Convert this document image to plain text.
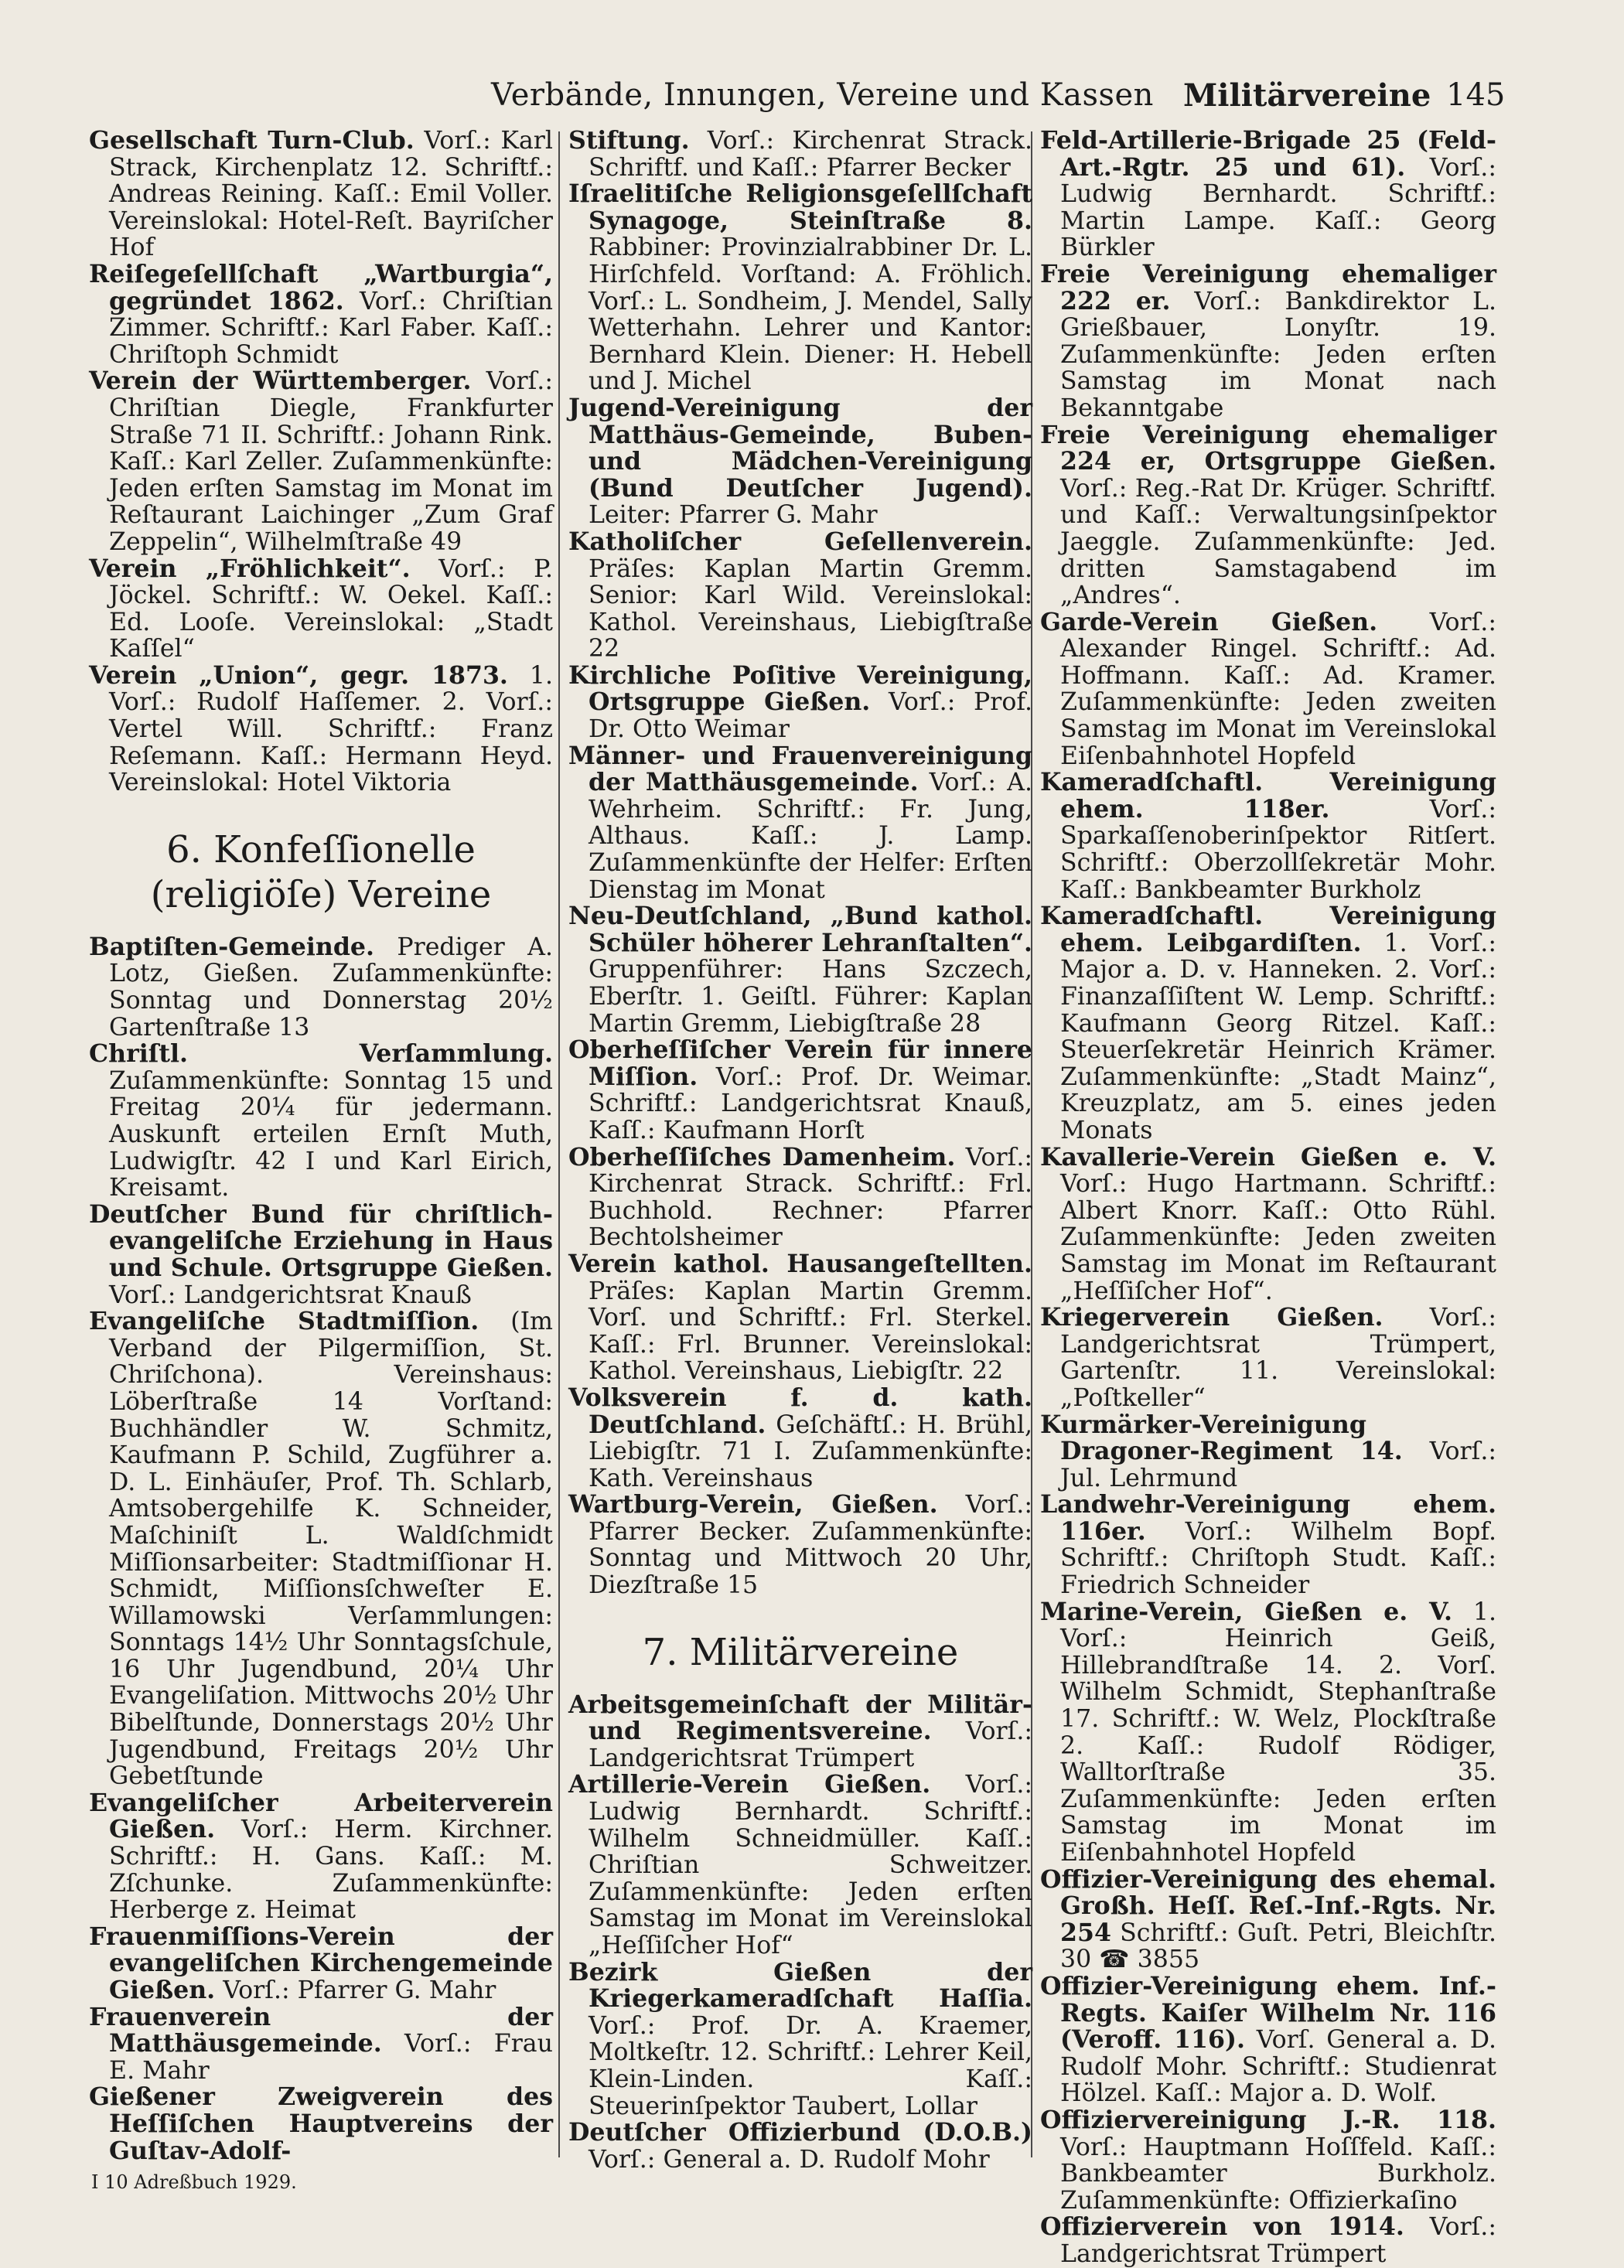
Verbände, Innungen, Vereine und Kassen Militärvereine 145

Gesellschaft Turn-Club. Vorſ.: Karl Strack, Kirchenplatz 12. Schriftf.: Andreas Reining. Kaſſ.: Emil Voller. Vereinslokal: Hotel-Reſt. Bayriſcher Hof

Reiſegeſellſchaft „Wartburgia“, gegründet 1862. Vorſ.: Chriſtian Zimmer. Schriftf.: Karl Faber. Kaſſ.: Chriſtoph Schmidt

Verein der Württemberger. Vorſ.: Chriſtian Diegle, Frankfurter Straße 71 II. Schriftf.: Johann Rink. Kaſſ.: Karl Zeller. Zuſammenkünfte: Jeden erſten Samstag im Monat im Reſtaurant Laichinger „Zum Graf Zeppelin“, Wilhelmſtraße 49

Verein „Fröhlichkeit“. Vorſ.: P. Jöckel. Schriftf.: W. Oekel. Kaſſ.: Ed. Looſe. Vereinslokal: „Stadt Kaſſel“

Verein „Union“, gegr. 1873. 1. Vorſ.: Rudolf Haſſemer. 2. Vorſ.: Vertel Will. Schriftf.: Franz Reſemann. Kaſſ.: Hermann Heyd. Vereinslokal: Hotel Viktoria

6. Konfeſſionelle (religiöſe) Vereine

Baptiſten-Gemeinde. Prediger A. Lotz, Gießen. Zuſammenkünfte: Sonntag und Donnerstag 20½ Gartenſtraße 13

Chriſtl. Verſammlung. Zuſammenkünfte: Sonntag 15 und Freitag 20¼ für jedermann. Auskunft erteilen Ernſt Muth, Ludwigſtr. 42 I und Karl Eirich, Kreisamt.

Deutſcher Bund für chriſtlich-evangeliſche Erziehung in Haus und Schule. Ortsgruppe Gießen. Vorſ.: Landgerichtsrat Knauß

Evangeliſche Stadtmiſſion. (Im Verband der Pilgermiſſion, St. Chriſchona). Vereinshaus: Löberſtraße 14 Vorſtand: Buchhändler W. Schmitz, Kaufmann P. Schild, Zugführer a. D. L. Einhäuſer, Prof. Th. Schlarb, Amtsobergehilfe K. Schneider, Maſchiniſt L. Waldſchmidt Miſſionsarbeiter: Stadtmiſſionar H. Schmidt, Miſſionsſchweſter E. Willamowski Verſammlungen: Sonntags 14½ Uhr Sonntagsſchule, 16 Uhr Jugendbund, 20¼ Uhr Evangeliſation. Mittwochs 20½ Uhr Bibelſtunde, Donnerstags 20½ Uhr Jugendbund, Freitags 20½ Uhr Gebetſtunde

Evangeliſcher Arbeiterverein Gießen. Vorſ.: Herm. Kirchner. Schriftf.: H. Gans. Kaſſ.: M. Zſchunke. Zuſammenkünfte: Herberge z. Heimat

Frauenmiſſions-Verein der evangeliſchen Kirchengemeinde Gießen. Vorſ.: Pfarrer G. Mahr

Frauenverein der Matthäusgemeinde. Vorſ.: Frau E. Mahr

Gießener Zweigverein des Heſſiſchen Hauptvereins der Guſtav-Adolf-

Stiftung. Vorſ.: Kirchenrat Strack. Schriftf. und Kaſſ.: Pfarrer Becker

Iſraelitiſche Religionsgeſellſchaft Synagoge, Steinſtraße 8. Rabbiner: Provinzialrabbiner Dr. L. Hirſchfeld. Vorſtand: A. Fröhlich. Vorſ.: L. Sondheim, J. Mendel, Sally Wetterhahn. Lehrer und Kantor: Bernhard Klein. Diener: H. Hebell und J. Michel

Jugend-Vereinigung der Matthäus-Gemeinde, Buben- und Mädchen-Vereinigung (Bund Deutſcher Jugend). Leiter: Pfarrer G. Mahr

Katholiſcher Geſellenverein. Präſes: Kaplan Martin Gremm. Senior: Karl Wild. Vereinslokal: Kathol. Vereinshaus, Liebigſtraße 22

Kirchliche Poſitive Vereinigung, Ortsgruppe Gießen. Vorſ.: Prof. Dr. Otto Weimar

Männer- und Frauenvereinigung der Matthäusgemeinde. Vorſ.: A. Wehrheim. Schriftf.: Fr. Jung, Althaus. Kaſſ.: J. Lamp. Zuſammenkünfte der Helfer: Erſten Dienstag im Monat

Neu-Deutſchland, „Bund kathol. Schüler höherer Lehranſtalten“. Gruppenführer: Hans Szczech, Eberſtr. 1. Geiſtl. Führer: Kaplan Martin Gremm, Liebigſtraße 28

Oberheſſiſcher Verein für innere Miſſion. Vorſ.: Prof. Dr. Weimar. Schriftf.: Landgerichtsrat Knauß, Kaſſ.: Kaufmann Horſt

Oberheſſiſches Damenheim. Vorſ.: Kirchenrat Strack. Schriftf.: Frl. Buchhold. Rechner: Pfarrer Bechtolsheimer

Verein kathol. Hausangeſtellten. Präſes: Kaplan Martin Gremm. Vorſ. und Schriftf.: Frl. Sterkel. Kaſſ.: Frl. Brunner. Vereinslokal: Kathol. Vereinshaus, Liebigſtr. 22

Volksverein f. d. kath. Deutſchland. Geſchäftſ.: H. Brühl, Liebigſtr. 71 I. Zuſammenkünfte: Kath. Vereinshaus

Wartburg-Verein, Gießen. Vorſ.: Pfarrer Becker. Zuſammenkünfte: Sonntag und Mittwoch 20 Uhr, Diezſtraße 15

7. Militärvereine

Arbeitsgemeinſchaft der Militär- und Regimentsvereine. Vorſ.: Landgerichtsrat Trümpert

Artillerie-Verein Gießen. Vorſ.: Ludwig Bernhardt. Schriftf.: Wilhelm Schneidmüller. Kaſſ.: Chriſtian Schweitzer. Zuſammenkünfte: Jeden erſten Samstag im Monat im Vereinslokal „Heſſiſcher Hof“

Bezirk Gießen der Kriegerkameradſchaft Haſſia. Vorſ.: Prof. Dr. A. Kraemer, Moltkeſtr. 12. Schriftf.: Lehrer Keil, Klein-Linden. Kaſſ.: Steuerinſpektor Taubert, Lollar

Deutſcher Offizierbund (D.O.B.) Vorſ.: General a. D. Rudolf Mohr

Feld-Artillerie-Brigade 25 (Feld-Art.-Rgtr. 25 und 61). Vorſ.: Ludwig Bernhardt. Schriftf.: Martin Lampe. Kaſſ.: Georg Bürkler

Freie Vereinigung ehemaliger 222 er. Vorſ.: Bankdirektor L. Grießbauer, Lonyſtr. 19. Zuſammenkünfte: Jeden erſten Samstag im Monat nach Bekanntgabe

Freie Vereinigung ehemaliger 224 er, Ortsgruppe Gießen. Vorſ.: Reg.-Rat Dr. Krüger. Schriftf. und Kaſſ.: Verwaltungsinſpektor Jaeggle. Zuſammenkünfte: Jed. dritten Samstagabend im „Andres“.

Garde-Verein Gießen. Vorſ.: Alexander Ringel. Schriftf.: Ad. Hoffmann. Kaſſ.: Ad. Kramer. Zuſammenkünfte: Jeden zweiten Samstag im Monat im Vereinslokal Eiſenbahnhotel Hopfeld

Kameradſchaftl. Vereinigung ehem. 118er. Vorſ.: Sparkaſſenoberinſpektor Ritſert. Schriftf.: Oberzollſekretär Mohr. Kaſſ.: Bankbeamter Burkholz

Kameradſchaftl. Vereinigung ehem. Leibgardiſten. 1. Vorſ.: Major a. D. v. Hanneken. 2. Vorſ.: Finanzaſſiſtent W. Lemp. Schriftf.: Kaufmann Georg Ritzel. Kaſſ.: Steuerſekretär Heinrich Krämer. Zuſammenkünfte: „Stadt Mainz“, Kreuzplatz, am 5. eines jeden Monats

Kavallerie-Verein Gießen e. V. Vorſ.: Hugo Hartmann. Schriftf.: Albert Knorr. Kaſſ.: Otto Rühl. Zuſammenkünfte: Jeden zweiten Samstag im Monat im Reſtaurant „Heſſiſcher Hof“.

Kriegerverein Gießen. Vorſ.: Landgerichtsrat Trümpert, Gartenſtr. 11. Vereinslokal: „Poſtkeller“

Kurmärker-Vereinigung Dragoner-Regiment 14. Vorſ.: Jul. Lehrmund

Landwehr-Vereinigung ehem. 116er. Vorſ.: Wilhelm Bopf. Schriftf.: Chriſtoph Studt. Kaſſ.: Friedrich Schneider

Marine-Verein, Gießen e. V. 1. Vorſ.: Heinrich Geiß, Hillebrandſtraße 14. 2. Vorſ. Wilhelm Schmidt, Stephanſtraße 17. Schriftf.: W. Welz, Plockſtraße 2. Kaſſ.: Rudolf Rödiger, Walltorſtraße 35. Zuſammenkünfte: Jeden erſten Samstag im Monat im Eiſenbahnhotel Hopfeld

Offizier-Vereinigung des ehemal. Großh. Heſſ. Reſ.-Inf.-Rgts. Nr. 254 Schriftf.: Guſt. Petri, Bleichſtr. 30 ☎ 3855

Offizier-Vereinigung ehem. Inf.-Regts. Kaiſer Wilhelm Nr. 116 (Veroff. 116). Vorſ. General a. D. Rudolf Mohr. Schriftf.: Studienrat Hölzel. Kaſſ.: Major a. D. Wolf.

Offiziervereinigung J.-R. 118. Vorſ.: Hauptmann Hoſſfeld. Kaſſ.: Bankbeamter Burkholz. Zuſammenkünfte: Offizierkaſino

Offizierverein von 1914. Vorſ.: Landgerichtsrat Trümpert

I 10 Adreßbuch 1929.
